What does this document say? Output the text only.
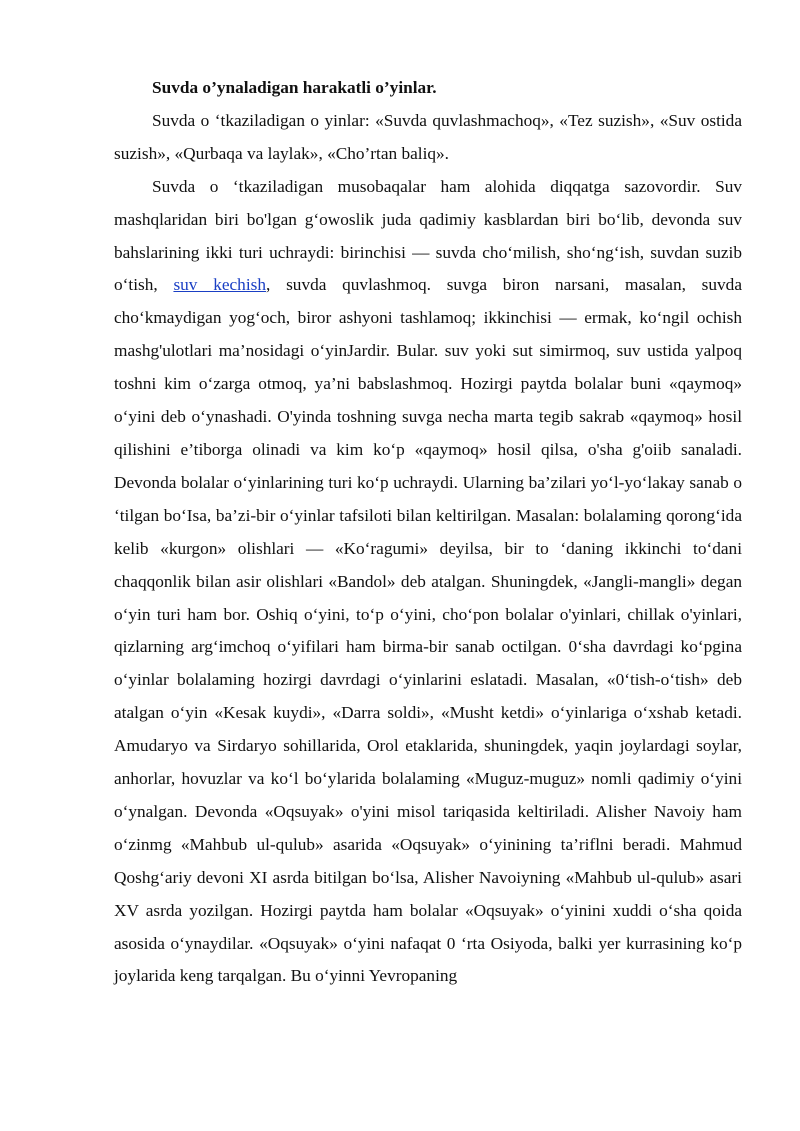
Suvda o’ynaladigan harakatli o’yinlar.

Suvda o ‘tkaziladigan o yinlar: «Suvda quvlashmachoq», «Tez suzish», «Suv ostida suzish», «Qurbaqa va laylak», «Cho’rtan baliq».

Suvda o ‘tkaziladigan musobaqalar ham alohida diqqatga sazovordir. Suv mashqlaridan biri bo'lgan g‘owoslik juda qadimiy kasblardan biri bo‘lib, devonda suv bahslarining ikki turi uchraydi: birinchisi — suvda cho‘milish, sho‘ng‘ish, suvdan suzib o‘tish, suv kechish, suvda quvlashmoq. suvga biron narsani, masalan, suvda cho‘kmaydigan yog‘och, biror ashyoni tashlamoq; ikkinchisi — ermak, ko‘ngil ochish mashg'ulotlari ma’nosidagi o‘yinJardir. Bular. suv yoki sut simirmoq, suv ustida yalpoq toshni kim o‘zarga otmoq, ya’ni babslashmoq. Hozirgi paytda bolalar buni «qaymoq» o‘yini deb o‘ynashadi. O'yinda toshning suvga necha marta tegib sakrab «qaymoq» hosil qilishini e’tiborga olinadi va kim ko‘p «qaymoq» hosil qilsa, o'sha g'oiib sanaladi. Devonda bolalar o‘yinlarining turi ko‘p uchraydi. Ularning ba’zilari yo‘l-yo‘lakay sanab o ‘tilgan bo‘Isa, ba’zi-bir o‘yinlar tafsiloti bilan keltirilgan. Masalan: bolalaming qorong‘ida kelib «kurgon» olishlari — «Ko‘ragumi» deyilsa, bir to ‘daning ikkinchi to‘dani chaqqonlik bilan asir olishlari «Bandol» deb atalgan. Shuningdek, «Jangli-mangli» degan o‘yin turi ham bor. Oshiq o‘yini, to‘p o‘yini, cho‘pon bolalar o'yinlari, chillak o'yinlari, qizlarning arg‘imchoq o‘yifilari ham birma-bir sanab octilgan. 0‘sha davrdagi ko‘pgina o‘yinlar bolalaming hozirgi davrdagi o‘yinlarini eslatadi. Masalan, «0‘tish-o‘tish» deb atalgan o‘yin «Kesak kuydi», «Darra soldi», «Musht ketdi» o‘yinlariga o‘xshab ketadi. Amudaryo va Sirdaryo sohillarida, Orol etaklarida, shuningdek, yaqin joylardagi soylar, anhorlar, hovuzlar va ko‘l bo‘ylarida bolalaming «Muguz-muguz» nomli qadimiy o‘yini o‘ynalgan. Devonda «Oqsuyak» o'yini misol tariqasida keltiriladi. Alisher Navoiy ham o‘zinmg «Mahbub ul-qulub» asarida «Oqsuyak» o‘yinining ta’riflni beradi. Mahmud Qoshg‘ariy devoni XI asrda bitilgan bo‘lsa, Alisher Navoiyning «Mahbub ul-qulub» asari XV asrda yozilgan. Hozirgi paytda ham bolalar «Oqsuyak» o‘yinini xuddi o‘sha qoida asosida o‘ynaydilar. «Oqsuyak» o‘yini nafaqat 0 ‘rta Osiyoda, balki yer kurrasining ko‘p joylarida keng tarqalgan. Bu o‘yinni Yevropaning
